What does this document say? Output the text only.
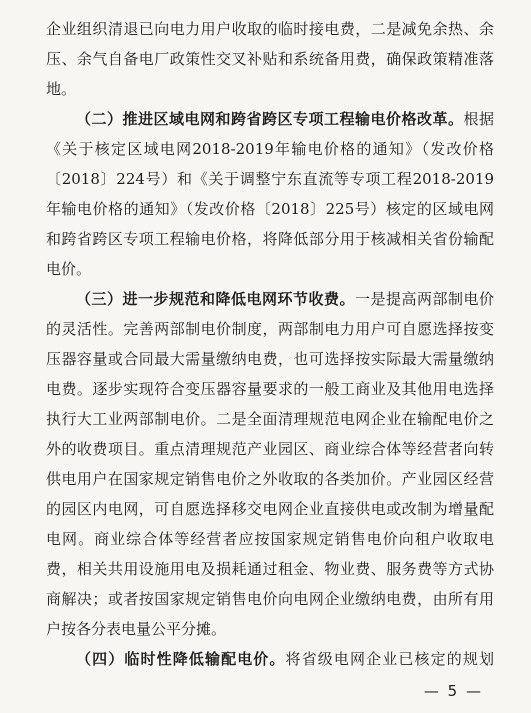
企业组织清退已向电力用户收取的临时接电费，二是减免余热、余压、余气自备电厂政策性交叉补贴和系统备用费，确保政策精准落地。

（二）推进区域电网和跨省跨区专项工程输电价格改革。根据《关于核定区域电网2018-2019年输电价格的通知》（发改价格〔2018〕224号）和《关于调整宁东直流等专项工程2018-2019年输电价格的通知》（发改价格〔2018〕225号）核定的区域电网和跨省跨区专项工程输电价格，将降低部分用于核减相关省份输配电价。

（三）进一步规范和降低电网环节收费。一是提高两部制电价的灵活性。完善两部制电价制度，两部制电力用户可自愿选择按变压器容量或合同最大需量缴纳电费，也可选择按实际最大需量缴纳电费。逐步实现符合变压器容量要求的一般工商业及其他用电选择执行大工业两部制电价。二是全面清理规范电网企业在输配电价之外的收费项目。重点清理规范产业园区、商业综合体等经营者向转供电用户在国家规定销售电价之外收取的各类加价。产业园区经营的园区内电网，可自愿选择移交电网企业直接供电或改制为增量配电网。商业综合体等经营者应按国家规定销售电价向租户收取电费，相关共用设施用电及损耗通过租金、物业费、服务费等方式协商解决；或者按国家规定销售电价向电网企业缴纳电费，由所有用户按各分表电量公平分摊。

（四）临时性降低输配电价。将省级电网企业已核定的规划

— 5 —
